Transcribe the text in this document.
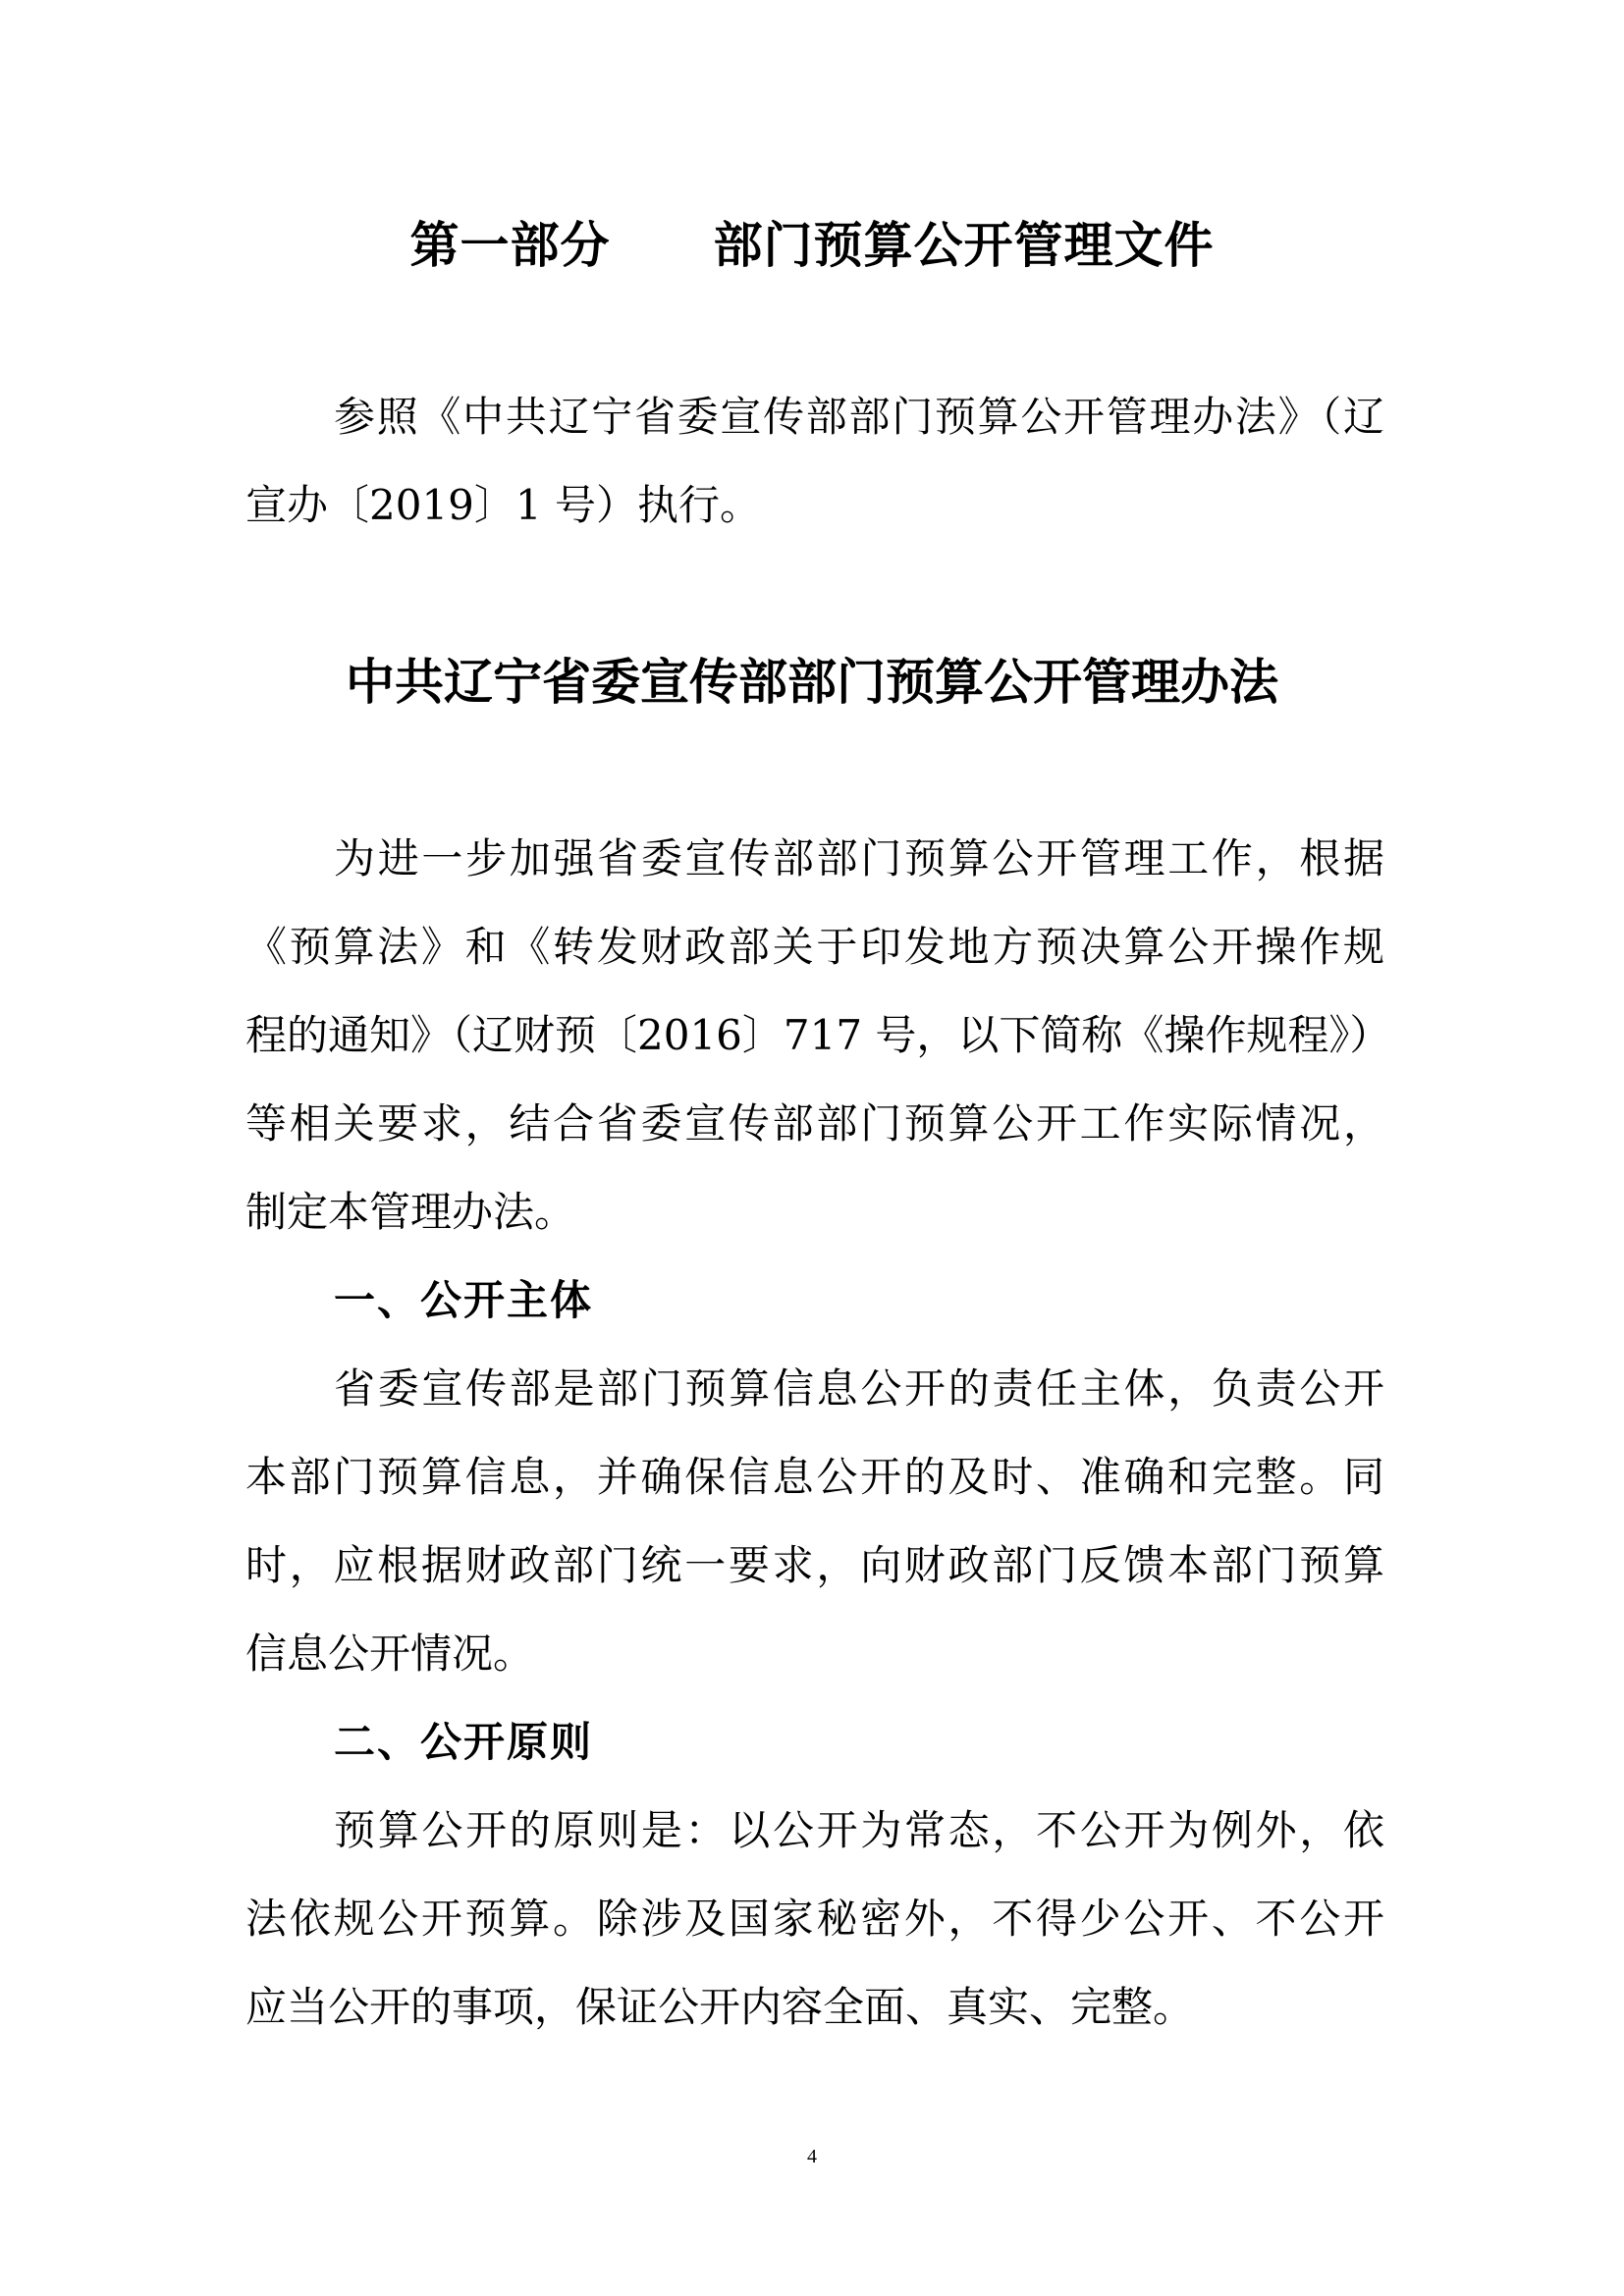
第一部分 部门预算公开管理文件
参照《中共辽宁省委宣传部部门预算公开管理办法》（辽
宣办〔2019〕1 号）执行。
中共辽宁省委宣传部部门预算公开管理办法
为进一步加强省委宣传部部门预算公开管理工作，根据
《预算法》和《转发财政部关于印发地方预决算公开操作规
程的通知》（辽财预〔2016〕717 号，以下简称《操作规程》）
等相关要求，结合省委宣传部部门预算公开工作实际情况，
制定本管理办法。
一、公开主体
省委宣传部是部门预算信息公开的责任主体，负责公开
本部门预算信息，并确保信息公开的及时、准确和完整。同
时，应根据财政部门统一要求，向财政部门反馈本部门预算
信息公开情况。
二、公开原则
预算公开的原则是：以公开为常态，不公开为例外，依
法依规公开预算。除涉及国家秘密外，不得少公开、不公开
应当公开的事项，保证公开内容全面、真实、完整。
4
